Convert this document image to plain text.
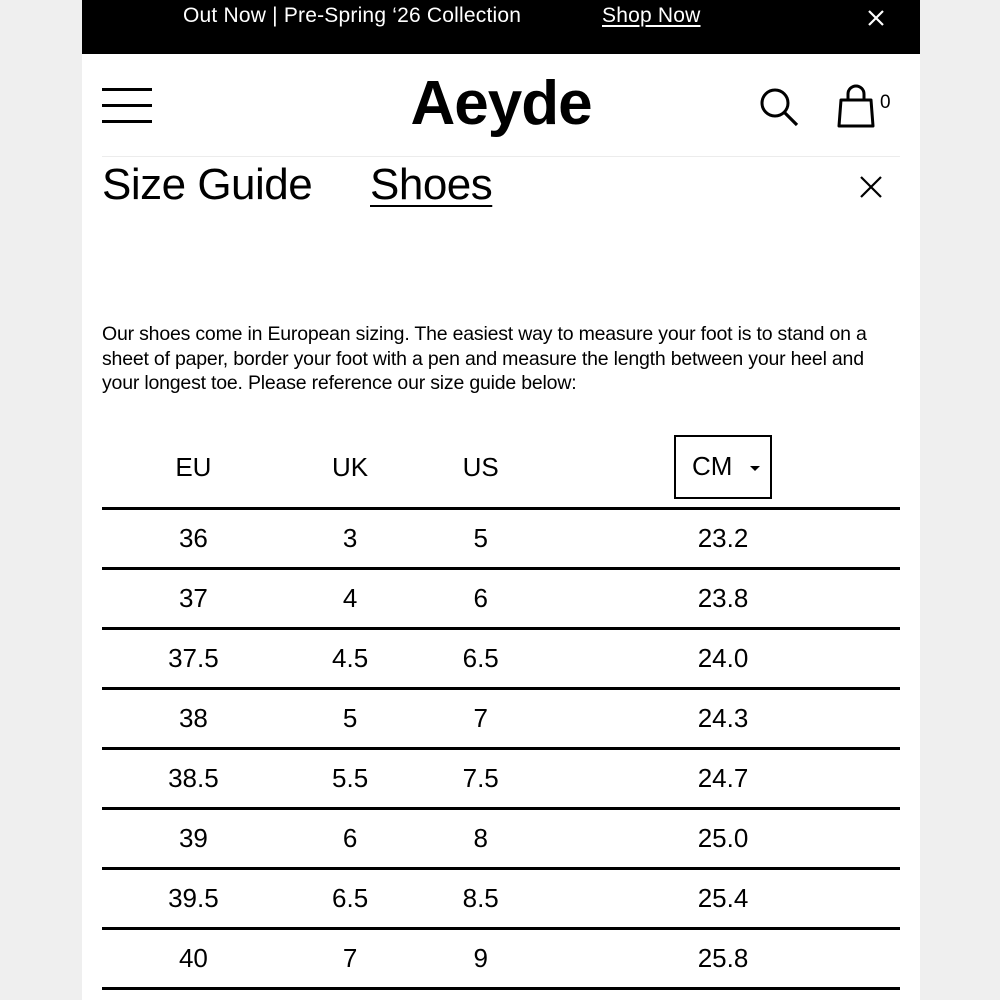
Out Now | Pre-Spring ‘26 Collection	Shop Now
Aeyde	0
Size Guide Shoes

Our shoes come in European sizing. The easiest way to measure your foot is to stand on a sheet of paper, border your foot with a pen and measure the length between your heel and your longest toe. Please reference our size guide below:

EU	UK	US	CM

36	3	5	23.2
37	4	6	23.8
37.5	4.5	6.5	24.0
38	5	7	24.3
38.5	5.5	7.5	24.7
39	6	8	25.0
39.5	6.5	8.5	25.4
40	7	9	25.8
